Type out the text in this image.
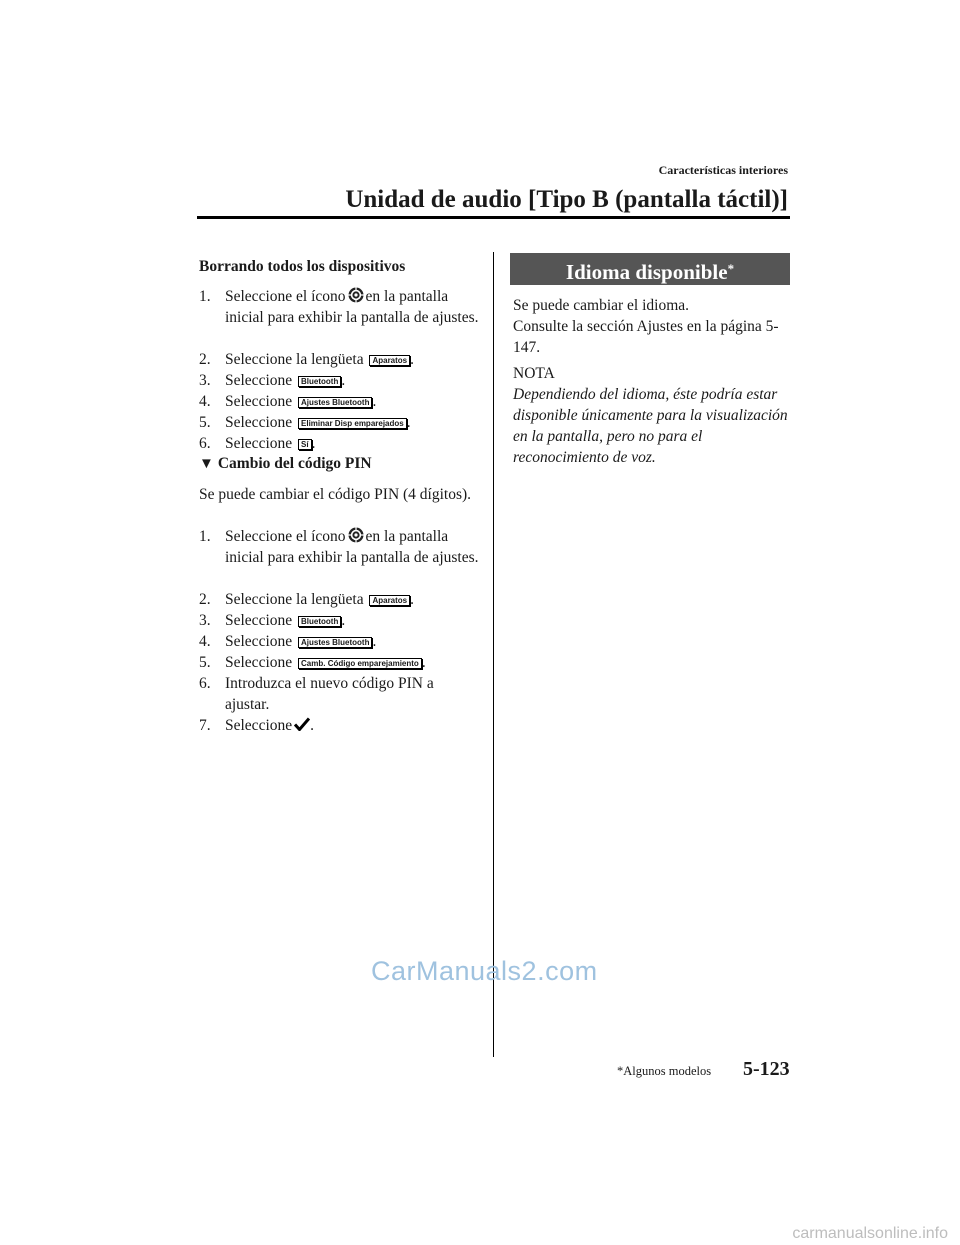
Características interiores
Unidad de audio [Tipo B (pantalla táctil)]
Borrando todos los dispositivos
1. Seleccione el ícono en la pantalla inicial para exhibir la pantalla de ajustes.
2. Seleccione la lengüeta Aparatos .
3. Seleccione Bluetooth .
4. Seleccione Ajustes Bluetooth .
5. Seleccione Eliminar Disp emparejados .
6. Seleccione Sí .
▼ Cambio del código PIN
Se puede cambiar el código PIN (4 dígitos).
1. Seleccione el ícono en la pantalla inicial para exhibir la pantalla de ajustes.
2. Seleccione la lengüeta Aparatos .
3. Seleccione Bluetooth .
4. Seleccione Ajustes Bluetooth .
5. Seleccione Camb. Código emparejamiento .
6. Introduzca el nuevo código PIN a ajustar.
7. Seleccione .
Idioma disponible*
Se puede cambiar el idioma.
Consulte la sección Ajustes en la página 5-147.
NOTA
Dependiendo del idioma, éste podría estar disponible únicamente para la visualización en la pantalla, pero no para el reconocimiento de voz.
CarManuals2.com
*Algunos modelos 5-123
carmanualsonline.info
